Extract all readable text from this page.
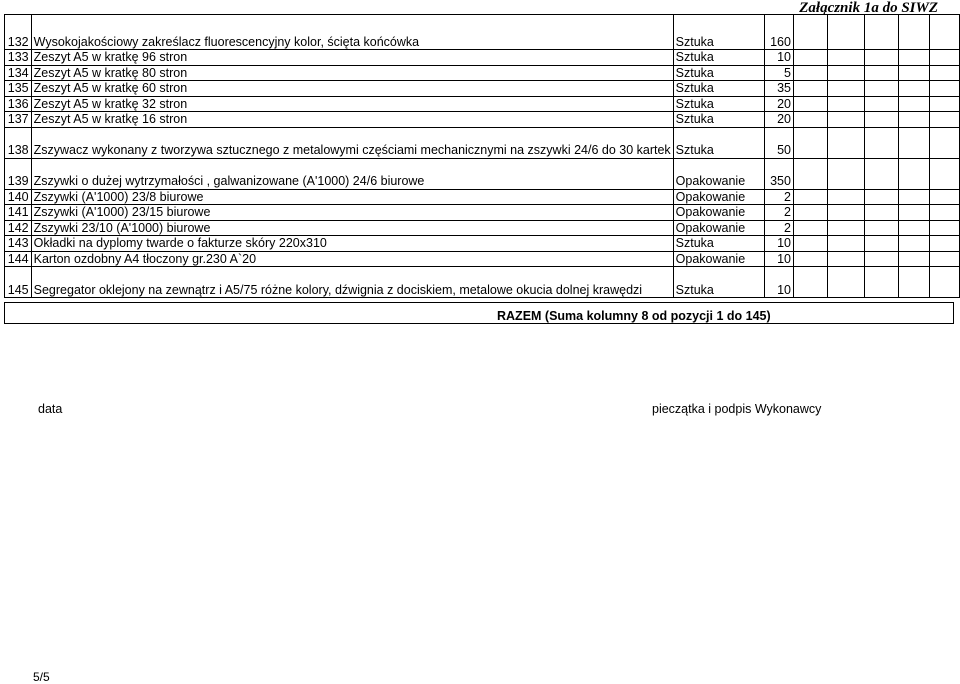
Załącznik 1a do SIWZ
132	Wysokojakościowy zakreślacz fluorescencyjny kolor, ścięta końcówka	Sztuka	160					
133	Zeszyt A5 w kratkę 96 stron	Sztuka	10					
134	Zeszyt A5 w kratkę 80 stron	Sztuka	5					
135	Zeszyt A5 w kratkę 60 stron	Sztuka	35					
136	Zeszyt A5 w kratkę 32 stron	Sztuka	20					
137	Zeszyt A5 w kratkę 16 stron	Sztuka	20					
138	Zszywacz wykonany z tworzywa sztucznego z metalowymi częściami mechanicznymi na zszywki 24/6 do 30 kartek	Sztuka	50					
139	Zszywki o dużej wytrzymałości , galwanizowane (A'1000) 24/6 biurowe	Opakowanie	350					
140	Zszywki (A'1000) 23/8 biurowe	Opakowanie	2					
141	Zszywki (A'1000) 23/15 biurowe	Opakowanie	2					
142	Zszywki 23/10 (A'1000) biurowe	Opakowanie	2					
143	Okładki na dyplomy twarde o fakturze skóry 220x310	Sztuka	10					
144	Karton ozdobny A4 tłoczony gr.230 A`20	Opakowanie	10					
145	Segregator oklejony na zewnątrz i A5/75 różne kolory, dźwignia z dociskiem, metalowe okucia dolnej krawędzi	Sztuka	10					
RAZEM (Suma kolumny 8 od pozycji 1 do 145)
data	pieczątka i podpis Wykonawcy
5/5
